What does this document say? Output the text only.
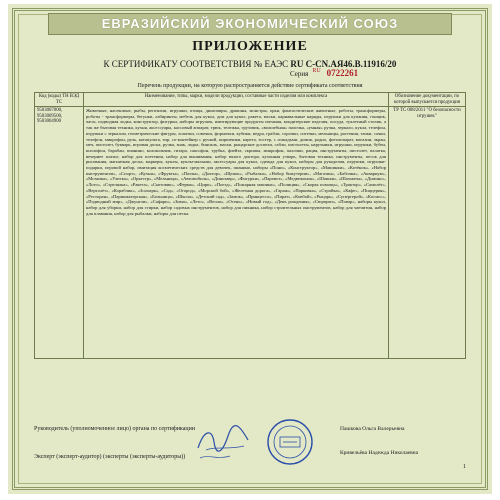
ЕВРАЗИЙСКИЙ ЭКОНОМИЧЕСКИЙ СОЮЗ
ПРИЛОЖЕНИЕ
К СЕРТИФИКАТУ СООТВЕТСТВИЯ № ЕАЭС RU C-CN.АЯ46.В.11916/20
Серия $^{RU}$ 0722261
Перечень продукции, на которую распространяется действие сертификата соответствия
Код (коды) ТН ВЭД ТС	Наименование, типы, марки, модели продукции, составные части изделия или комплекса	Обозначение документации, по которой выпускается продукция
9503007000, 9503009500, 9503004900	Животные, насекомые, рыбы, рептилии, игрушки, птицы, динозавры, драконы, монстры, орки, фантастические животные, роботы, трансформеры, роботы - трансформеры, бегунки, лабиринты, мебель для кукол, дом для кукол, ракета, маски, карнавальные наряды, игрушки для купания, гонщик, часы, подводная лодка, конструктор, фигурки, наборы игрушек, имитирующие продукты питания, кондитерские изделия, посуда, туалетный столик, а так же бытовая техника, кухня, аксессуары, кассовый аппарат, трюк, тележка, грузовик, «волшебная» палочка, «умная» ручка, зеркало, кукла, телефон, игрушки с зеркалом, геометрические фигуры, лопатки, совочки, формочки, кубики, ведра, грабли, сорочки, ситечки, мельницы, растения, тачки, сачки, телефон, микрофон, руль, катапульта, тир, со-контейнер с ручкой, кирпичики, карета, тостер, с лошадьми, домик, радио, фотоаппарат, магазин, экран, меч, пистолет, букварь, игровая доска, ручка, знак, лодка, бинокль, маски, рыцарские доспехи, сабли, пистолеты, наручники, игрушки, игрушки, бубен, ксилофон, барабан, пианино, колокольчик, гитара, саксофон, трубка, флейта, скрипка, микрофон, палочки, рация, инструменты, пистолет, палатка, вечернее платье, набор для плетения, набор для вышивания, набор юного доктора, кухонная утварь, бытовая техника, инструменты, песок для рисования, магнитная доска, маркеры, куклы, куклы-малыши, аксессуары для кукол, одежда для кукол, наборы для рукоделия, игрушки, игрушки-подарки, игровой набор, имитация косметических средств для девочек, пианино, наборы «Пони», «Конструктор», «Машинки», «Котёнок», «Набор инструментов», «Спорт», «Кухня», «Фрукты», «Пазлы», «Доктор», «Щенок», «Рыбалка», «Набор бижутерии», «Магазин», «Бабочка», «Аквариум», «Мозаика», «Улитка», «Оркестр», «Мельница», «Автомобиль», «Динозавр», «Фигурки», «Паровоз», «Медвежонок», «Шашки», «Шахматы», «Домино», «Лото», «Стрелялка», «Ракета», «Снеговик», «Ферма», «Цирк», «Поезд», «Пожарная машина», «Полиция», «Скорая помощь», «Трактор», «Самолёт», «Вертолёт», «Кораблик», «Зоопарк», «Сад», «Огород», «Морской бой», «Железная дорога», «Гараж», «Парковка», «Стройка», «Кафе», «Пиццерия», «Ресторан», «Парикмахерская», «Больница», «Школа», «Детский сад», «Замок», «Принцесса», «Пират», «Ковбой», «Рыцарь», «Супергерой», «Космос», «Подводный мир», «Джунгли», «Сафари», «Зима», «Лето», «Весна», «Осень», «Новый год», «День рождения», «Сюрприз», «Повар», наборы кукол, набор для уборки, набор для стирки, набор садовых инструментов, набор для пикника, набор строительных инструментов, набор для чаепития, набор для плавания, набор для рыбалки, наборы для песка.	ТР ТС 008/2011 "О безопасности игрушек"
Руководитель (уполномоченное лицо) органа по сертификации
Эксперт (эксперт-аудитор) (эксперты (эксперты-аудиторы))
Пашкова Ольга Валерьевна
Кривельёва Надежда Николаевна
1
